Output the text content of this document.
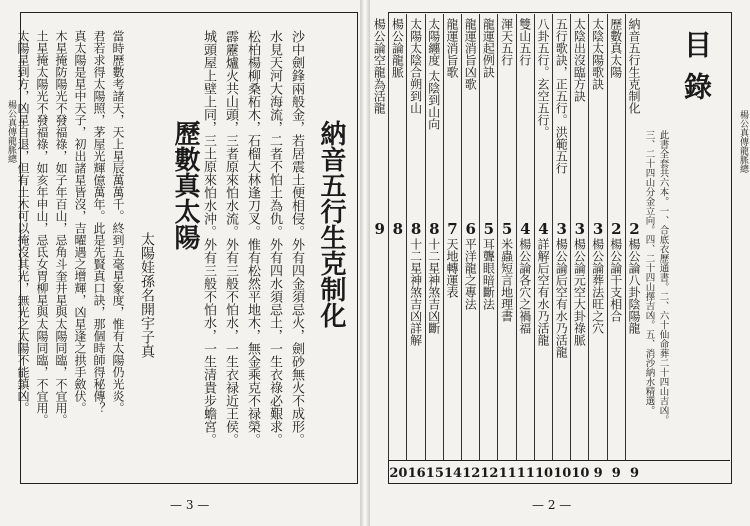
楊公真傳龍脈總	沙中劍鋒兩般金，若居震土便相侵。外有四金須忌火，劍砂無火不成形。
水見天河大海流，二者不怕土為仇。外有四水須忌土，一生衣祿必艱求。
松柏楊柳桑柘木，石榴大林逢刀叉。惟有松然平地木，無金乘克不禄榮。
霹靂爐火共山頭，三者原來怕水流。外有三般不怕水，一生衣禄近王侯。
城頭屋上壁上同，三土原來怕水沖。外有三般不怕水，一生清貴步蟾宮。	納音五行生克制化
歷數真太陽
太陽娃孫名開宇子真
當時歷數考諸天，天上星辰萬萬千。終到五毫星象度，惟有太陽仍光炎。
君若求得太陽照，茅屋光輝億萬年。此是先賢真口訣，那個時師得秘傳？
真太陽是星中天子，初出諸星皆沒，吉曜遇之增輝，凶星逢之拱手斂伏。
木星掩防陽光不發福祿，如子年百山，忌角斗奎井星與太陽同臨，不宜用。
土星掩太陽光不發福祿，如亥年申山，忌氐女胃柳星與太陽同臨，不宜用。
太陽星到方，凶星自退，但有土木可以掩沒其光，無光之太陽不能鎮凶。
— 3 —
楊公真傳龍脈總
目錄
此書全套共六本。一、合底衣歷通書。二、六十仙命葬二十四山吉凶。
三、二十四山分金立向。四、二十四山擇吉凶。五、消沙納水精選。
納音五行生克制化
楊公論八卦陰陽龍
2
9
歷數真太陽
楊公論干支相合
2
9
太陰太陽歌訣
楊公論葬法旺之穴
3
9
太陰出沒臨方訣
楊公論元空大卦祿脈
3
10
五行歌訣，正五行。洪範五行
楊公論后空有水乃活龍
3
10
八卦五行。玄空五行。
詳解后空有水乃活龍
4
10
雙山五行
楊公論各穴之禍福
4
11
渾天五行
米蟲短言地理書
5
11
龍運起例訣
耳聾眼暗斷法
5
12
龍運消旨凶歌
平洋龍之專法
6
12
龍運消旨歌
天地轉運表
7
14
太陽纏度 太陰到山向
十二星神煞吉凶斷
8
15
太陽太陰合朔到山
十二星神煞吉凶詳解
8
16
楊公論龍脈
8
20
楊公論空龍為活龍
9
— 2 —
